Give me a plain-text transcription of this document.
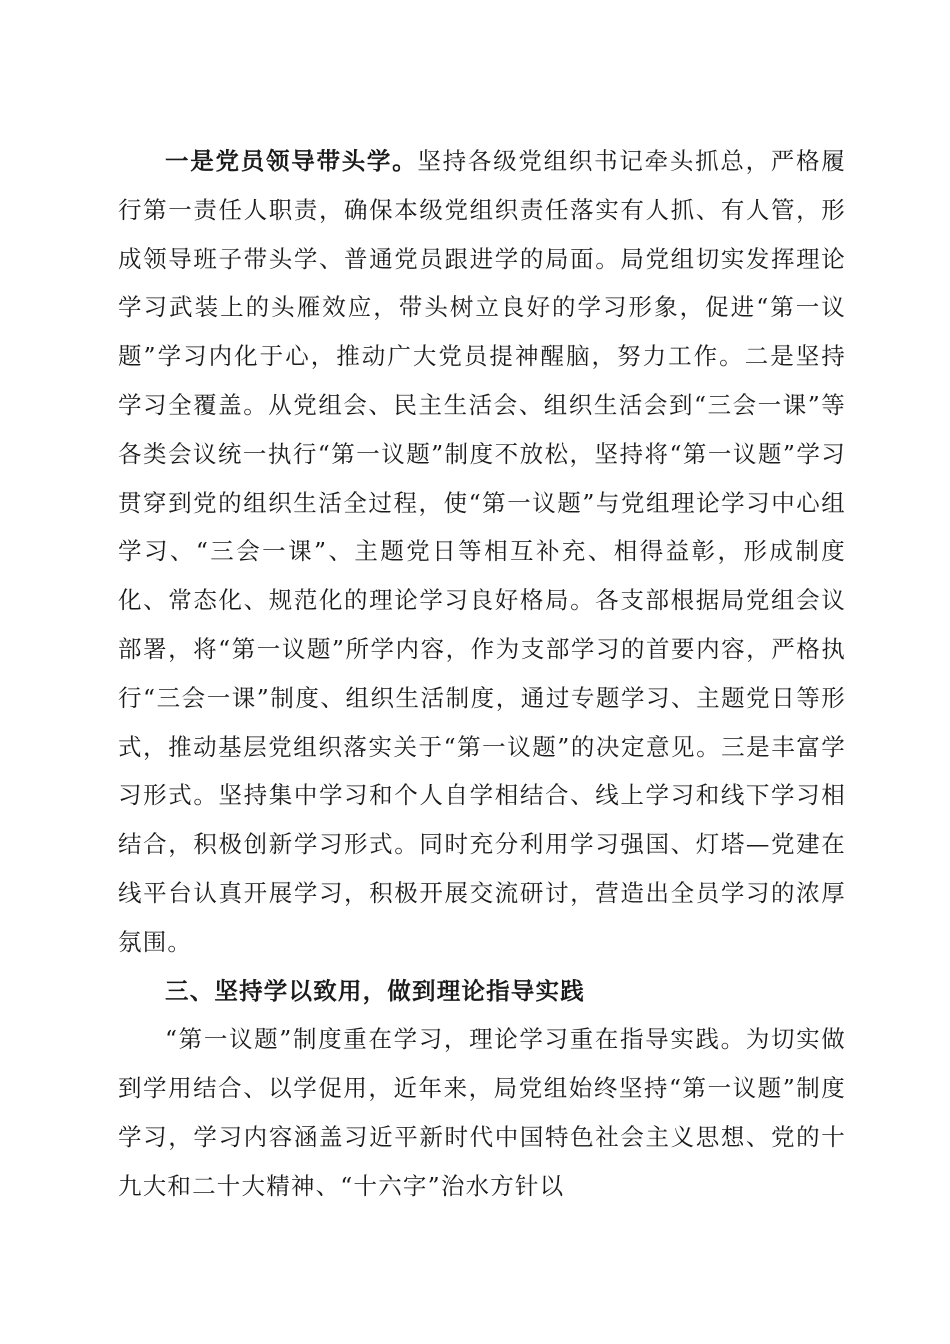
一是党员领导带头学。坚持各级党组织书记牵头抓总，严格履行第一责任人职责，确保本级党组织责任落实有人抓、有人管，形成领导班子带头学、普通党员跟进学的局面。局党组切实发挥理论学习武装上的头雁效应，带头树立良好的学习形象，促进“第一议题”学习内化于心，推动广大党员提神醒脑，努力工作。二是坚持学习全覆盖。从党组会、民主生活会、组织生活会到“三会一课”等各类会议统一执行“第一议题”制度不放松，坚持将“第一议题”学习贯穿到党的组织生活全过程，使“第一议题”与党组理论学习中心组学习、“三会一课”、主题党日等相互补充、相得益彰，形成制度化、常态化、规范化的理论学习良好格局。各支部根据局党组会议部署，将“第一议题”所学内容，作为支部学习的首要内容，严格执行“三会一课”制度、组织生活制度，通过专题学习、主题党日等形式，推动基层党组织落实关于“第一议题”的决定意见。三是丰富学习形式。坚持集中学习和个人自学相结合、线上学习和线下学习相结合，积极创新学习形式。同时充分利用学习强国、灯塔—党建在线平台认真开展学习，积极开展交流研讨，营造出全员学习的浓厚氛围。

三、坚持学以致用，做到理论指导实践

“第一议题”制度重在学习，理论学习重在指导实践。为切实做到学用结合、以学促用，近年来，局党组始终坚持“第一议题”制度学习，学习内容涵盖习近平新时代中国特色社会主义思想、党的十九大和二十大精神、“十六字”治水方针以
